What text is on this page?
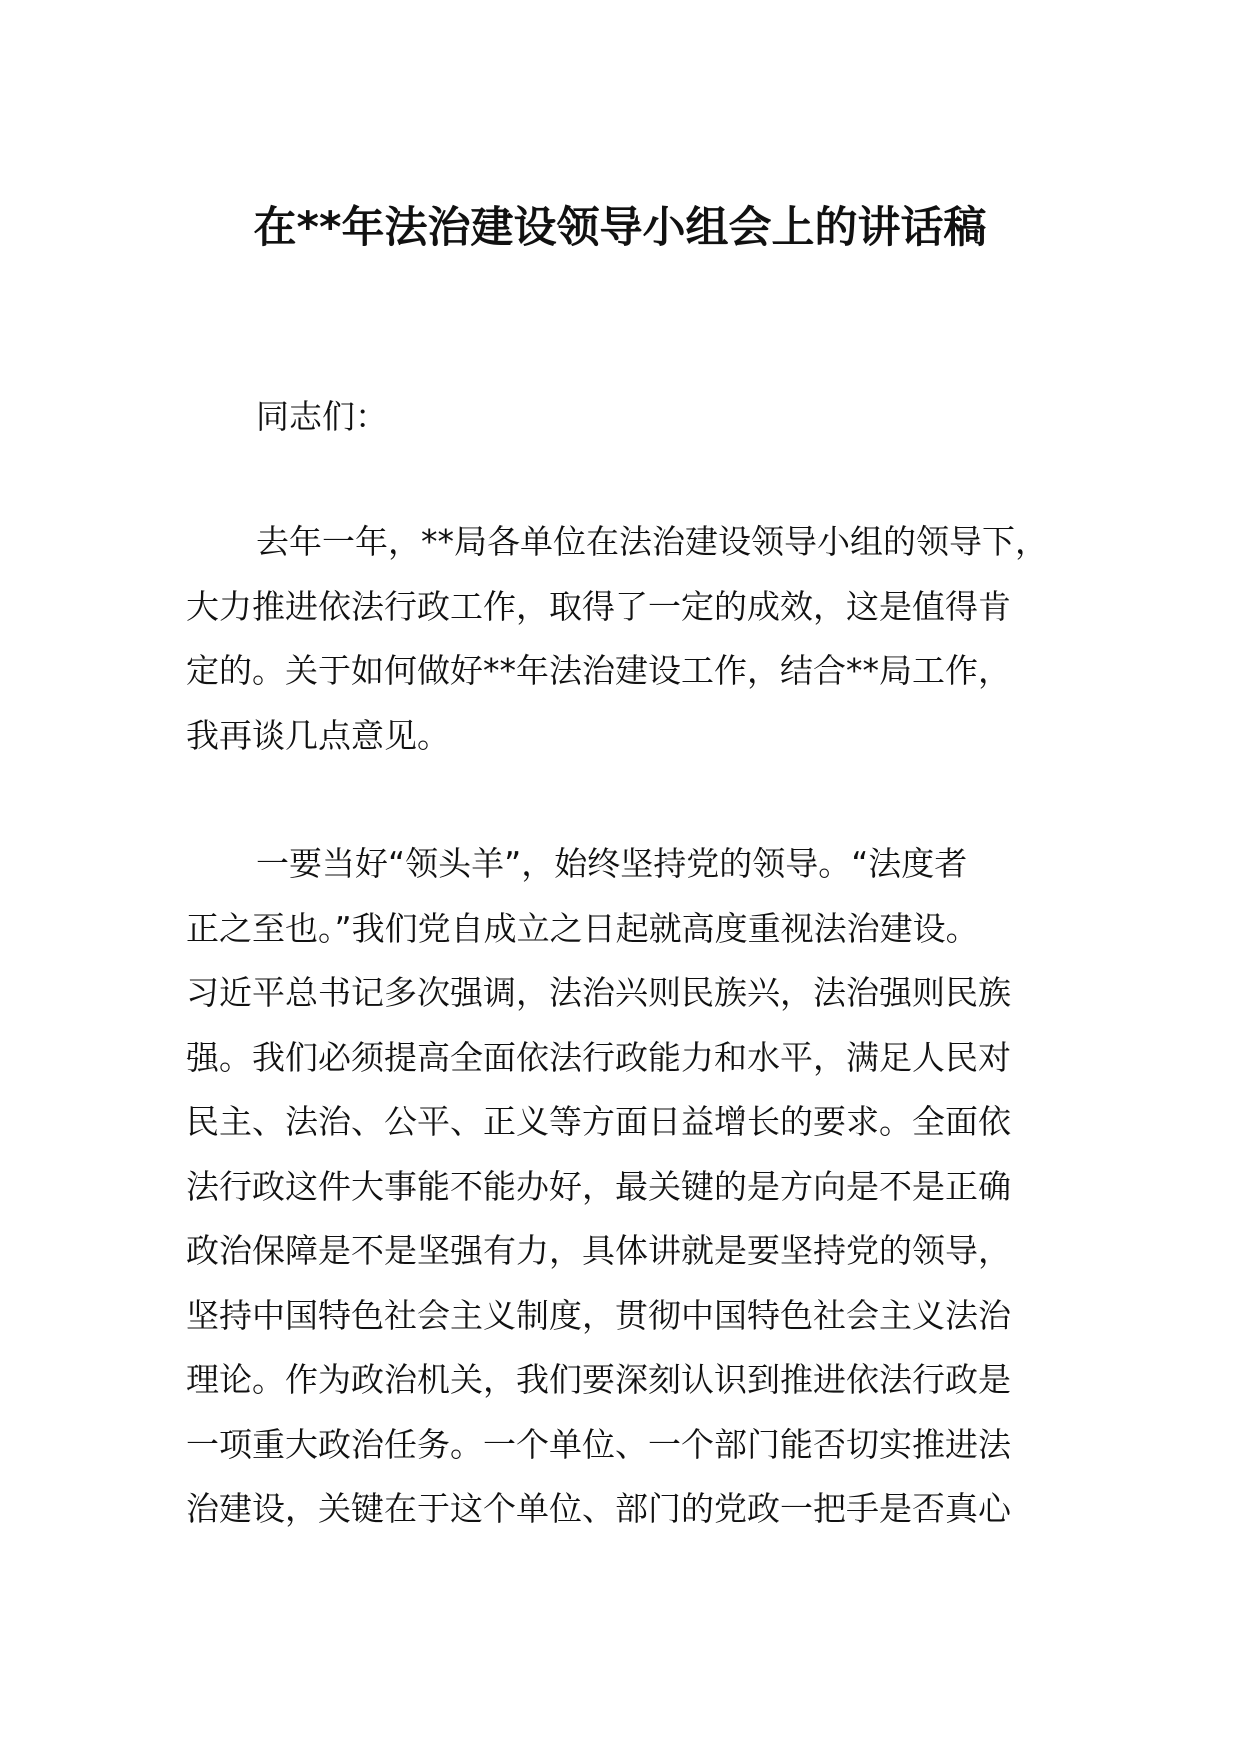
在**年法治建设领导小组会上的讲话稿

同志们：

去年一年，**局各单位在法治建设领导小组的领导下，
大力推进依法行政工作，取得了一定的成效，这是值得肯
定的。关于如何做好**年法治建设工作，结合**局工作，
我再谈几点意见。
一要当好“领头羊”，始终坚持党的领导。“法度者
正之至也。”我们党自成立之日起就高度重视法治建设。
习近平总书记多次强调，法治兴则民族兴，法治强则民族
强。我们必须提高全面依法行政能力和水平，满足人民对
民主、法治、公平、正义等方面日益增长的要求。全面依
法行政这件大事能不能办好，最关键的是方向是不是正确
政治保障是不是坚强有力，具体讲就是要坚持党的领导，
坚持中国特色社会主义制度，贯彻中国特色社会主义法治
理论。作为政治机关，我们要深刻认识到推进依法行政是
一项重大政治任务。一个单位、一个部门能否切实推进法
治建设，关键在于这个单位、部门的党政一把手是否真心
